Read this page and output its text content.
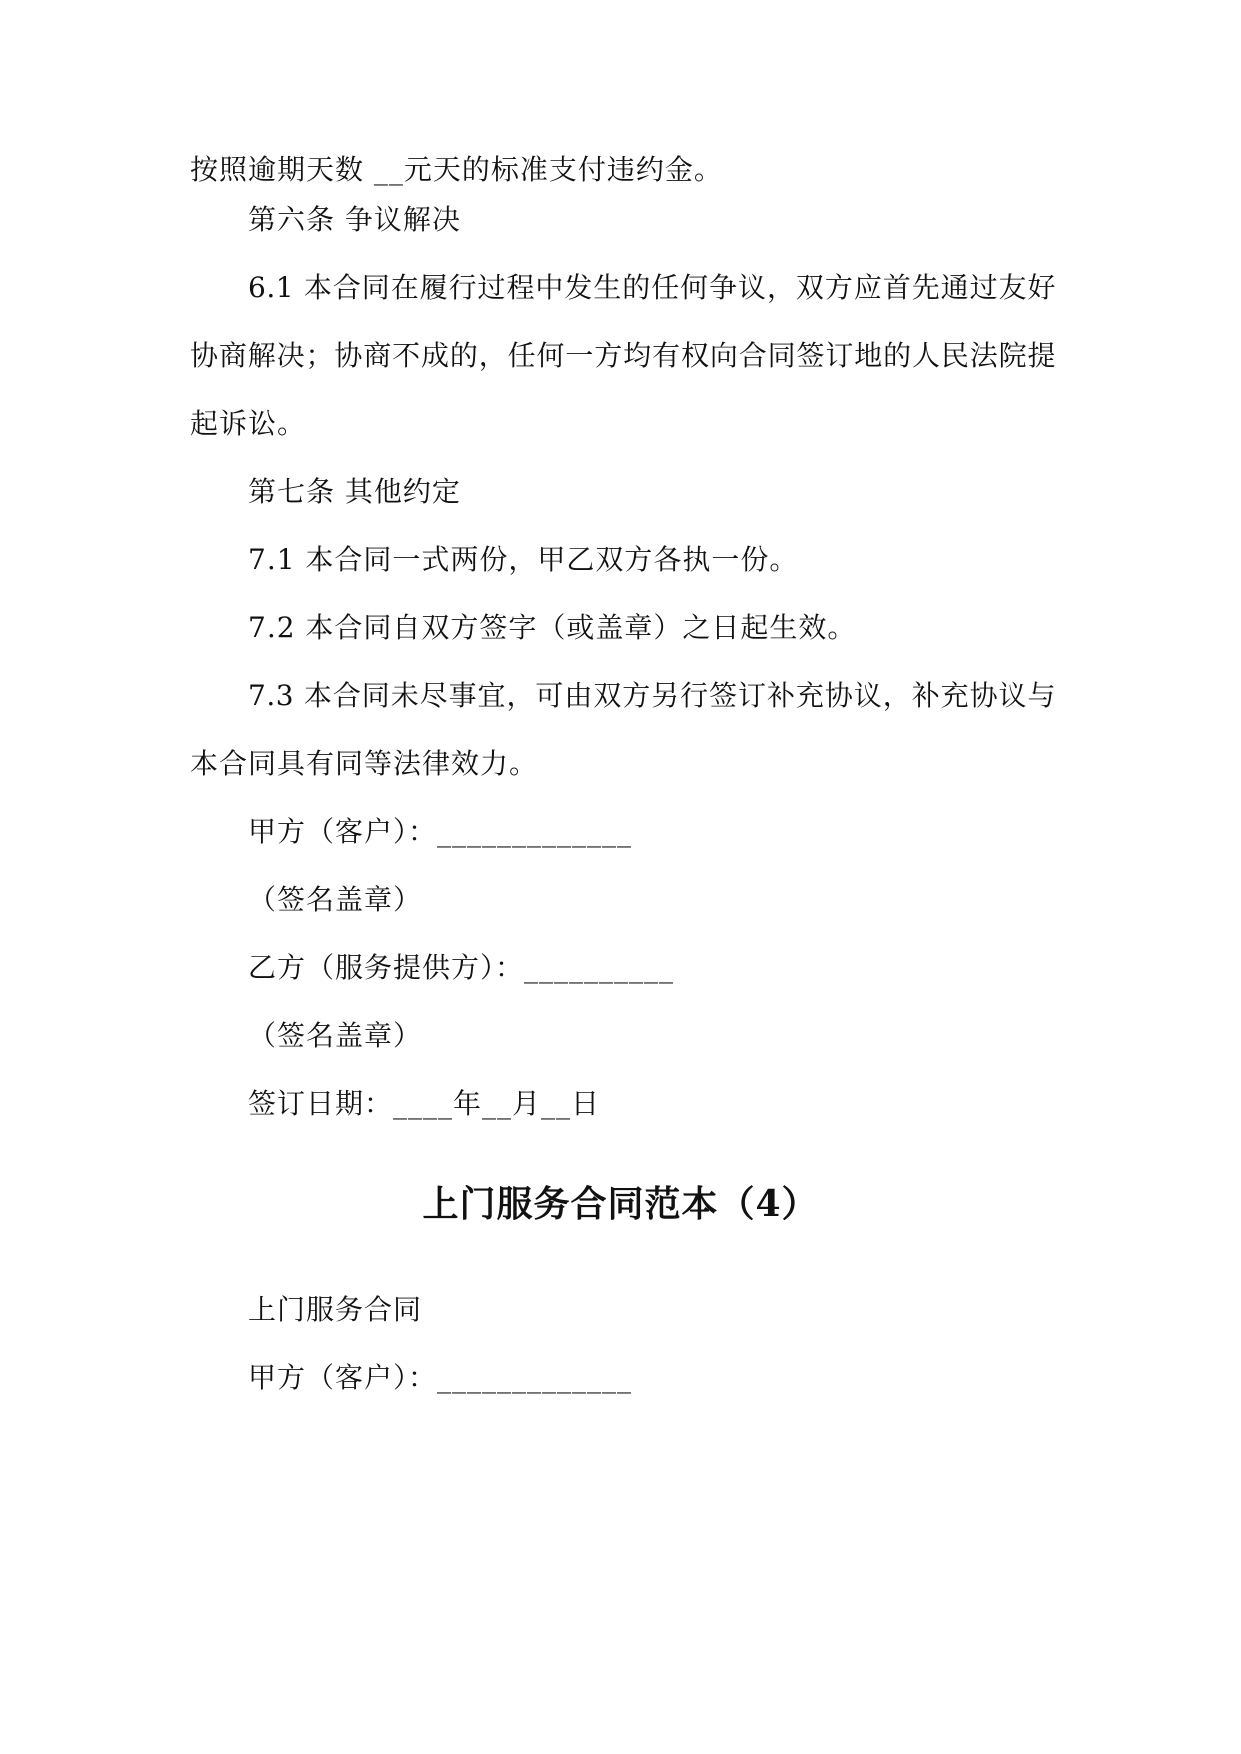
按照逾期天数 __元天的标准支付违约金。
第六条 争议解决
6.1 本合同在履行过程中发生的任何争议，双方应首先通过友好
协商解决；协商不成的，任何一方均有权向合同签订地的人民法院提
起诉讼。
第七条 其他约定
7.1 本合同一式两份，甲乙双方各执一份。
7.2 本合同自双方签字（或盖章）之日起生效。
7.3 本合同未尽事宜，可由双方另行签订补充协议，补充协议与
本合同具有同等法律效力。
甲方（客户）：_____________
（签名盖章）
乙方（服务提供方）：__________
（签名盖章）
签订日期：____年__月__日
上门服务合同范本（4）
上门服务合同
甲方（客户）：_____________
